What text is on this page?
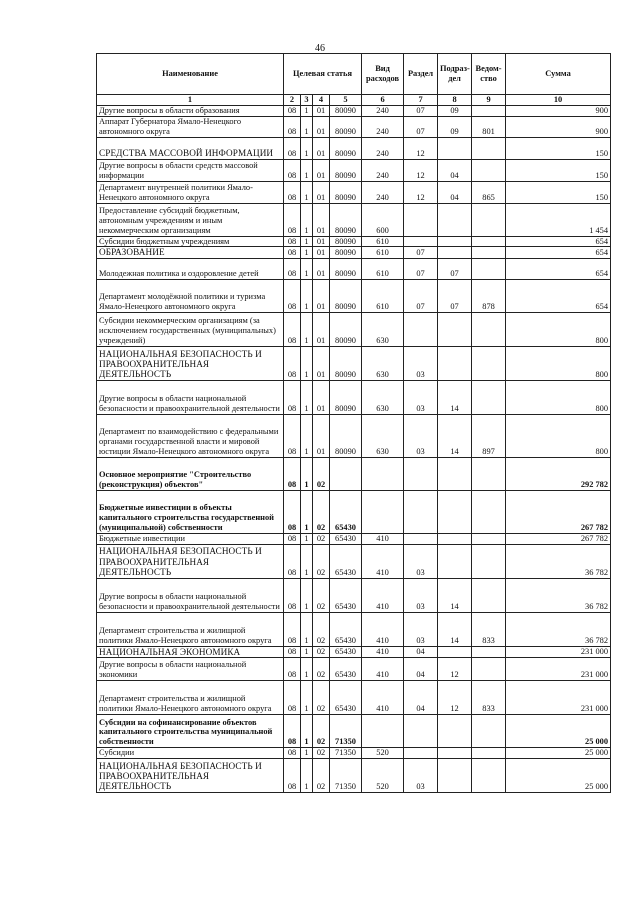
46
Наименование	Целевая статья				Вид расходов	Раздел	Подраз- дел	Ведом- ство	Сумма
1	2	3	4	5	6	7	8	9	10
Другие вопросы в области образования	08	1	01	80090	240	07	09		900
Аппарат Губернатора Ямало-Ненецкого автономного округа	08	1	01	80090	240	07	09	801	900
СРЕДСТВА МАССОВОЙ ИНФОРМАЦИИ	08	1	01	80090	240	12			150
Другие вопросы в области средств массовой информации	08	1	01	80090	240	12	04		150
Департамент внутренней политики Ямало-Ненецкого автономного округа	08	1	01	80090	240	12	04	865	150
Предоставление субсидий бюджетным, автономным учреждениям и иным некоммерческим организациям	08	1	01	80090	600				1 454
Субсидии бюджетным учреждениям	08	1	01	80090	610				654
ОБРАЗОВАНИЕ	08	1	01	80090	610	07			654
Молодежная политика и оздоровление детей	08	1	01	80090	610	07	07		654
Департамент молодёжной политики и туризма Ямало-Ненецкого автономного округа	08	1	01	80090	610	07	07	878	654
Субсидии некоммерческим организациям (за исключением государственных (муниципальных) учреждений)	08	1	01	80090	630				800
НАЦИОНАЛЬНАЯ БЕЗОПАСНОСТЬ И ПРАВООХРАНИТЕЛЬНАЯ ДЕЯТЕЛЬНОСТЬ	08	1	01	80090	630	03			800
Другие вопросы в области национальной безопасности и правоохранительной деятельности	08	1	01	80090	630	03	14		800
Департамент по взаимодействию с федеральными органами государственной власти и мировой юстиции Ямало-Ненецкого автономного округа	08	1	01	80090	630	03	14	897	800
Основное мероприятие "Строительство (реконструкция) объектов"	08	1	02						292 782
Бюджетные инвестиции в объекты капитального строительства государственной (муниципальной) собственности	08	1	02	65430					267 782
Бюджетные инвестиции	08	1	02	65430	410				267 782
НАЦИОНАЛЬНАЯ БЕЗОПАСНОСТЬ И ПРАВООХРАНИТЕЛЬНАЯ ДЕЯТЕЛЬНОСТЬ	08	1	02	65430	410	03			36 782
Другие вопросы в области национальной безопасности и правоохранительной деятельности	08	1	02	65430	410	03	14		36 782
Департамент строительства и жилищной политики Ямало-Ненецкого автономного округа	08	1	02	65430	410	03	14	833	36 782
НАЦИОНАЛЬНАЯ ЭКОНОМИКА	08	1	02	65430	410	04			231 000
Другие вопросы в области национальной экономики	08	1	02	65430	410	04	12		231 000
Департамент строительства и жилищной политики Ямало-Ненецкого автономного округа	08	1	02	65430	410	04	12	833	231 000
Субсидии на софинансирование объектов капитального строительства муниципальной собственности	08	1	02	71350					25 000
Субсидии	08	1	02	71350	520				25 000
НАЦИОНАЛЬНАЯ БЕЗОПАСНОСТЬ И ПРАВООХРАНИТЕЛЬНАЯ ДЕЯТЕЛЬНОСТЬ	08	1	02	71350	520	03			25 000
